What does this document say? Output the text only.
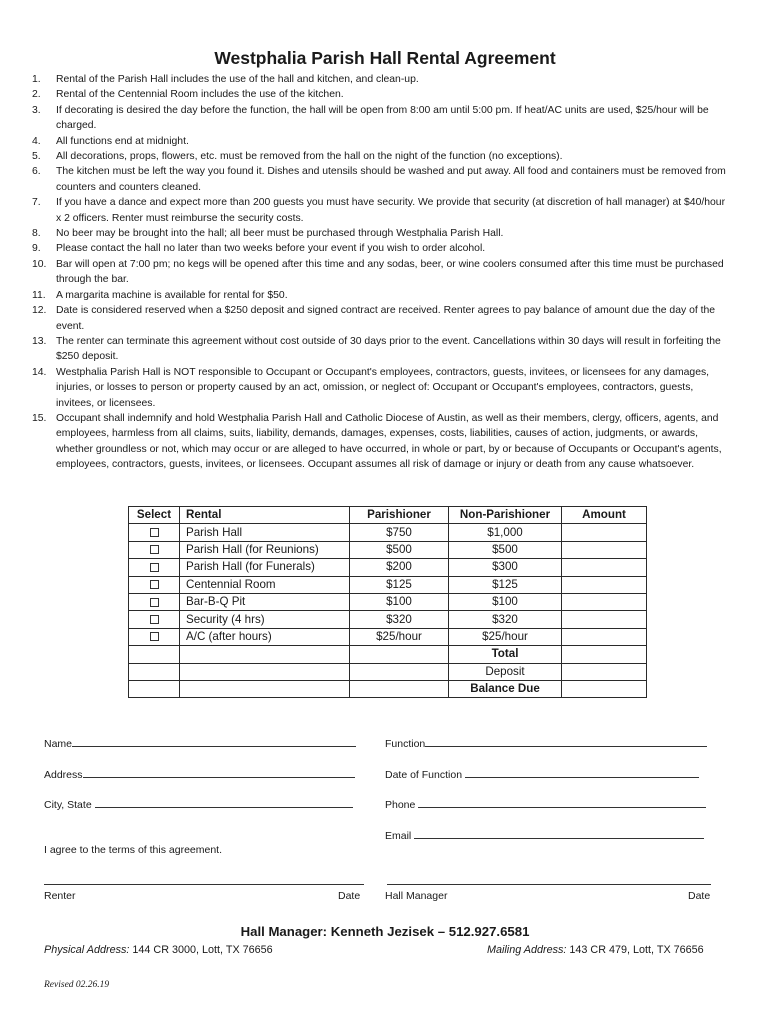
Westphalia Parish Hall Rental Agreement
1. Rental of the Parish Hall includes the use of the hall and kitchen, and clean-up.
2. Rental of the Centennial Room includes the use of the kitchen.
3. If decorating is desired the day before the function, the hall will be open from 8:00 am until 5:00 pm. If heat/AC units are used, $25/hour will be charged.
4. All functions end at midnight.
5. All decorations, props, flowers, etc. must be removed from the hall on the night of the function (no exceptions).
6. The kitchen must be left the way you found it. Dishes and utensils should be washed and put away. All food and containers must be removed from counters and counters cleaned.
7. If you have a dance and expect more than 200 guests you must have security. We provide that security (at discretion of hall manager) at $40/hour x 2 officers. Renter must reimburse the security costs.
8. No beer may be brought into the hall; all beer must be purchased through Westphalia Parish Hall.
9. Please contact the hall no later than two weeks before your event if you wish to order alcohol.
10. Bar will open at 7:00 pm; no kegs will be opened after this time and any sodas, beer, or wine coolers consumed after this time must be purchased through the bar.
11. A margarita machine is available for rental for $50.
12. Date is considered reserved when a $250 deposit and signed contract are received. Renter agrees to pay balance of amount due the day of the event.
13. The renter can terminate this agreement without cost outside of 30 days prior to the event. Cancellations within 30 days will result in forfeiting the $250 deposit.
14. Westphalia Parish Hall is NOT responsible to Occupant or Occupant's employees, contractors, guests, invitees, or licensees for any damages, injuries, or losses to person or property caused by an act, omission, or neglect of: Occupant or Occupant's employees, contractors, guests, invitees, or licensees.
15. Occupant shall indemnify and hold Westphalia Parish Hall and Catholic Diocese of Austin, as well as their members, clergy, officers, agents, and employees, harmless from all claims, suits, liability, demands, damages, expenses, costs, liabilities, causes of action, judgments, or awards, whether groundless or not, which may occur or are alleged to have occurred, in whole or part, by or because of Occupants or Occupant's agents, employees, contractors, guests, invitees, or licensees. Occupant assumes all risk of damage or injury or death from any cause whatsoever.
Select	Rental	Parishioner	Non-Parishioner	Amount
	Parish Hall	$750	$1,000	
	Parish Hall (for Reunions)	$500	$500	
	Parish Hall (for Funerals)	$200	$300	
	Centennial Room	$125	$125	
	Bar-B-Q Pit	$100	$100	
	Security (4 hrs)	$320	$320	
	A/C (after hours)	$25/hour	$25/hour	
			Total	
			Deposit	
			Balance Due	
Name	Function
Address	Date of Function
City, State	Phone
Email
I agree to the terms of this agreement.
Renter	Date Hall Manager	Date
Hall Manager: Kenneth Jezisek – 512.927.6581
Physical Address: 144 CR 3000, Lott, TX 76656	Mailing Address: 143 CR 479, Lott, TX 76656
Revised 02.26.19
